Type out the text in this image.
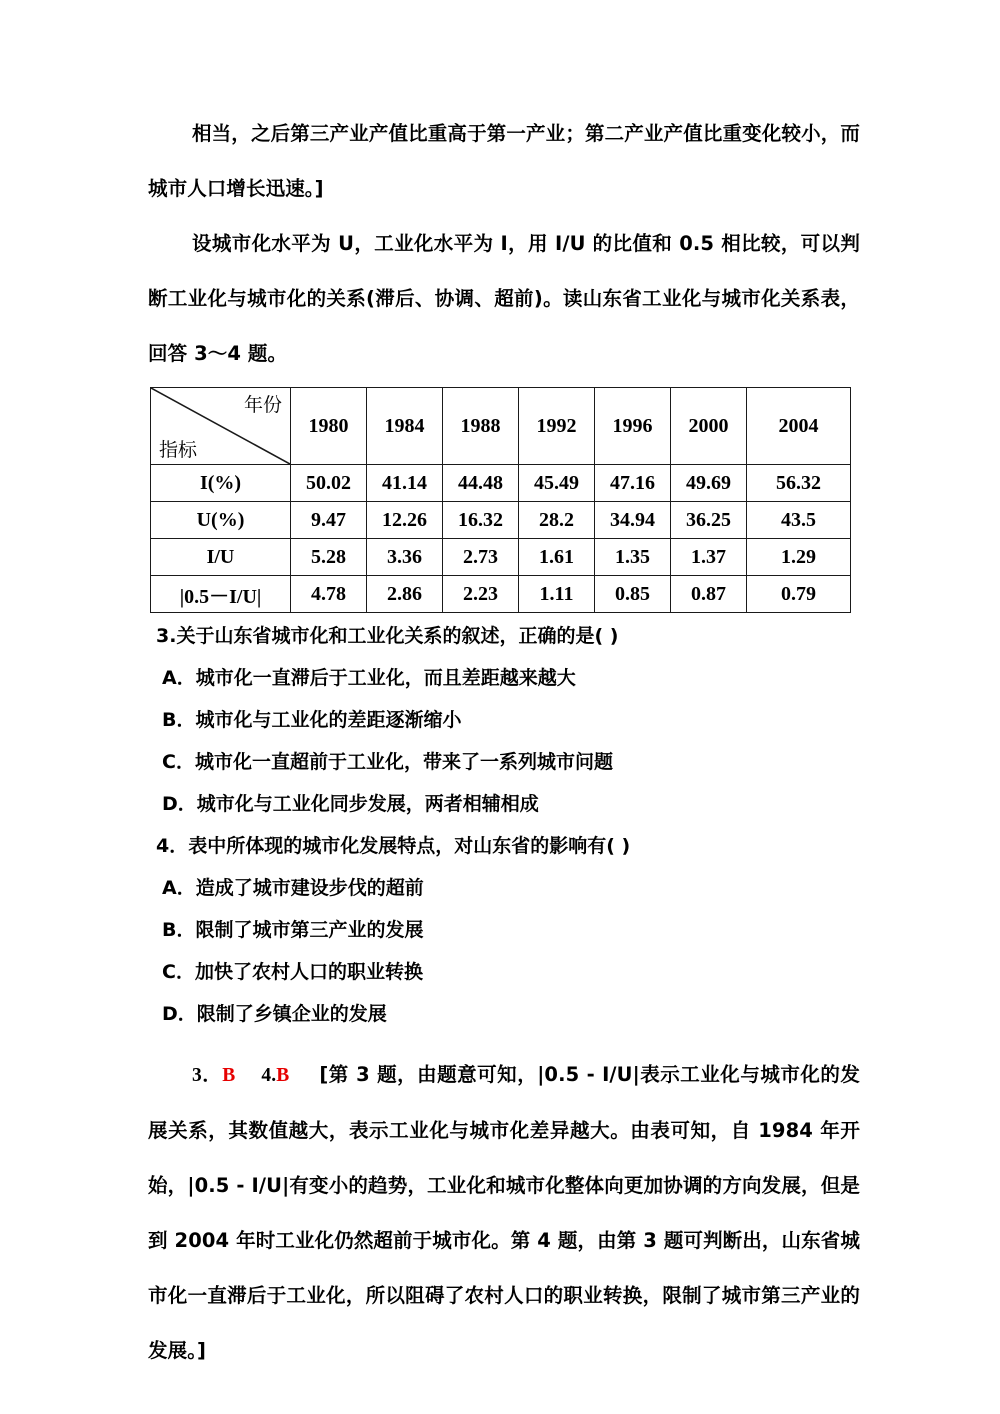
相当，之后第三产业产值比重高于第一产业；第二产业产值比重变化较小，而城市人口增长迅速。]

设城市化水平为 U，工业化水平为 I，用 I/U 的比值和 0.5 相比较，可以判断工业化与城市化的关系(滞后、协调、超前)。读山东省工业化与城市化关系表，回答 3～4 题。

年份
指标	1980	1984	1988	1992	1996	2000	2004
I(%)	50.02	41.14	44.48	45.49	47.16	49.69	56.32
U(%)	9.47	12.26	16.32	28.2	34.94	36.25	43.5
I/U	5.28	3.36	2.73	1.61	1.35	1.37	1.29
|0.5－I/U|	4.78	2.86	2.23	1.11	0.85	0.87	0.79

3.关于山东省城市化和工业化关系的叙述，正确的是( )

A．城市化一直滞后于工业化，而且差距越来越大

B．城市化与工业化的差距逐渐缩小

C．城市化一直超前于工业化，带来了一系列城市问题

D．城市化与工业化同步发展，两者相辅相成

4．表中所体现的城市化发展特点，对山东省的影响有( )

A．造成了城市建设步伐的超前

B．限制了城市第三产业的发展

C．加快了农村人口的职业转换

D．限制了乡镇企业的发展

3．B 4.B [第 3 题，由题意可知，|0.5 - I/U|表示工业化与城市化的发展关系，其数值越大，表示工业化与城市化差异越大。由表可知，自 1984 年开始，|0.5 - I/U|有变小的趋势，工业化和城市化整体向更加协调的方向发展，但是到 2004 年时工业化仍然超前于城市化。第 4 题，由第 3 题可判断出，山东省城市化一直滞后于工业化，所以阻碍了农村人口的职业转换，限制了城市第三产业的发展。]
